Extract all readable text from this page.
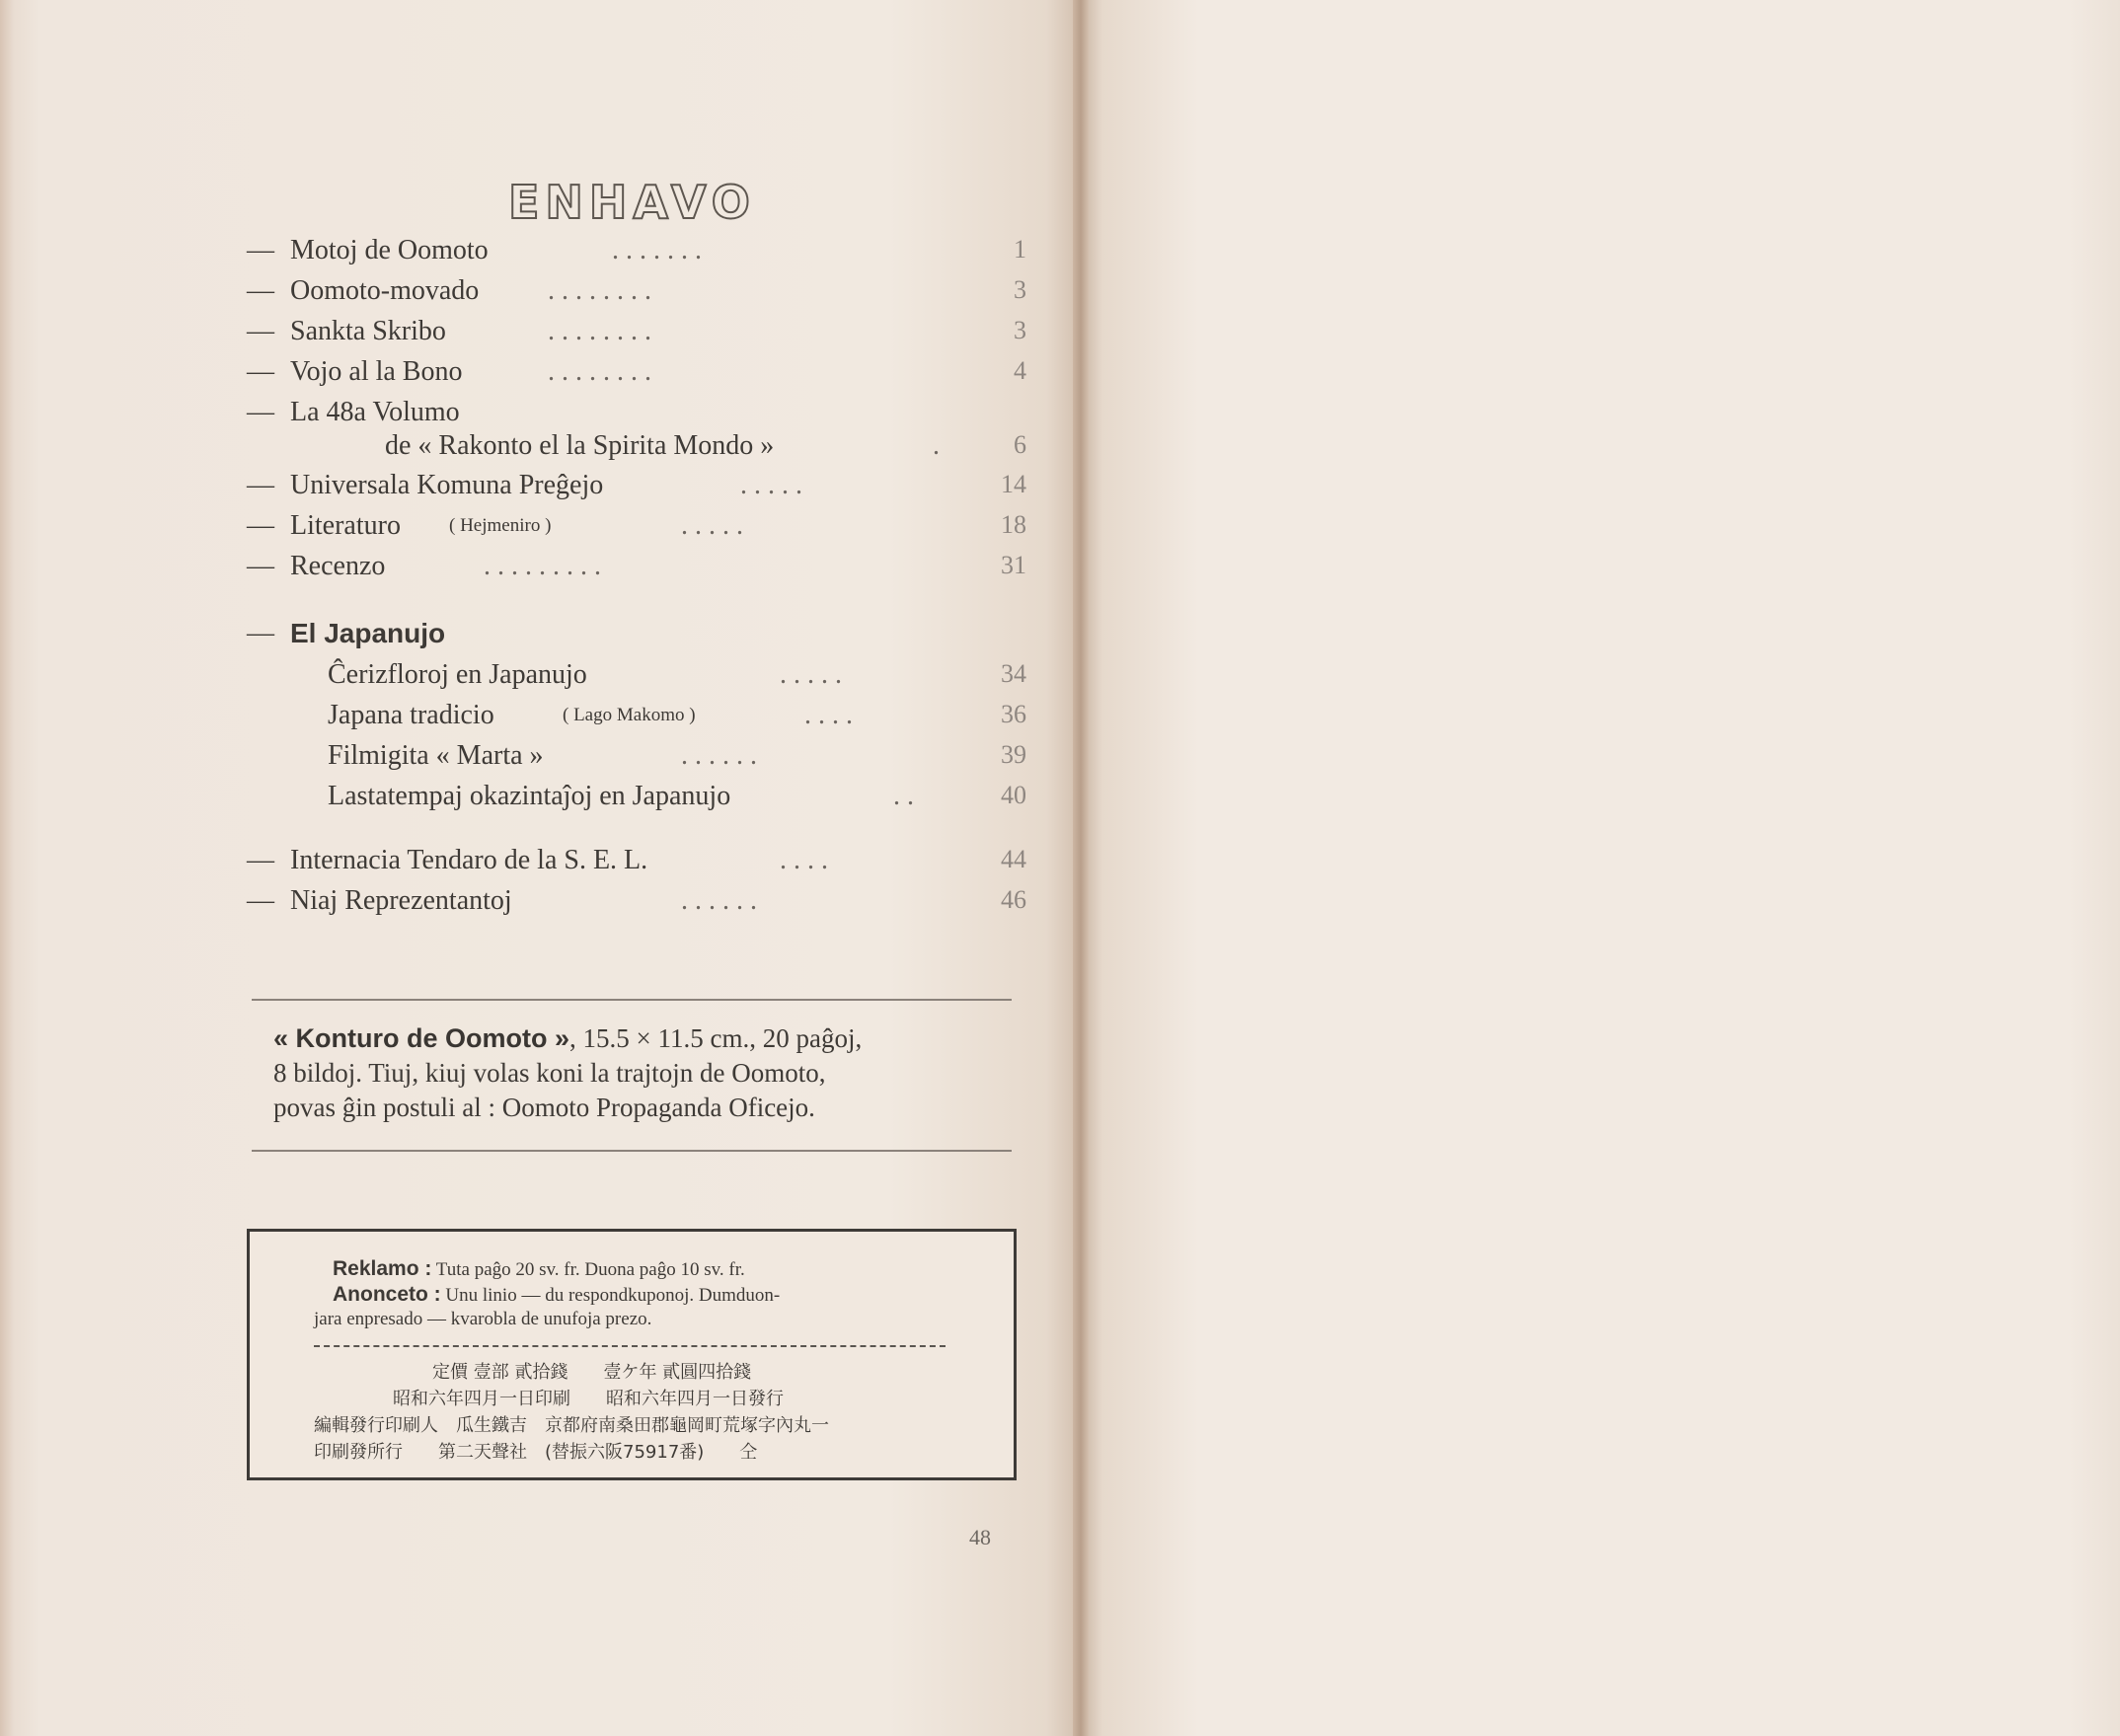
ENHAVO
— Motoj de Oomoto	. . . . . . .	1
— Oomoto-movado . . . . . . . .	3
— Sankta Skribo	. . . . . . . .	3
— Vojo al la Bono	. . . . . . . .	4
— La 48a Volumo
de « Rakonto el la Spirita Mondo »	.	6
— Universala Komuna Preĝejo	. . . . .	14
— Literaturo	( Hejmeniro )	. . . . .	18
— Recenzo	. . . . . . . . .	31
— El Japanujo
Ĉerizfloroj en Japanujo	. . . . .	34
Japana tradicio	( Lago Makomo )	. . . .	36
Filmigita « Marta »	. . . . . .	39
Lastatempaj okazintaĵoj en Japanujo	. .	40
— Internacia Tendaro de la S. E. L.	. . . .	44
— Niaj Reprezentantoj	. . . . . .	46
« Konturo de Oomoto », 15.5 × 11.5 cm., 20 paĝoj,
8 bildoj. Tiuj, kiuj volas koni la trajtojn de Oomoto,
povas ĝin postuli al : Oomoto Propaganda Oficejo.
Reklamo : Tuta paĝo 20 sv. fr. Duona paĝo 10 sv. fr.
Anonceto : Unu linio — du respondkuponoj. Dumduon-
jara enpresado — kvarobla de unufoja prezo.
定價 壹部 貳拾錢　　壹ケ年 貳圓四拾錢
昭和六年四月一日印刷　　昭和六年四月一日發行
編輯發行印刷人　瓜生鐵吉　京都府南桑田郡龜岡町荒塚字內丸一
印刷發所行　　第二天聲社　(替振六阪75917番)　　仝
48
